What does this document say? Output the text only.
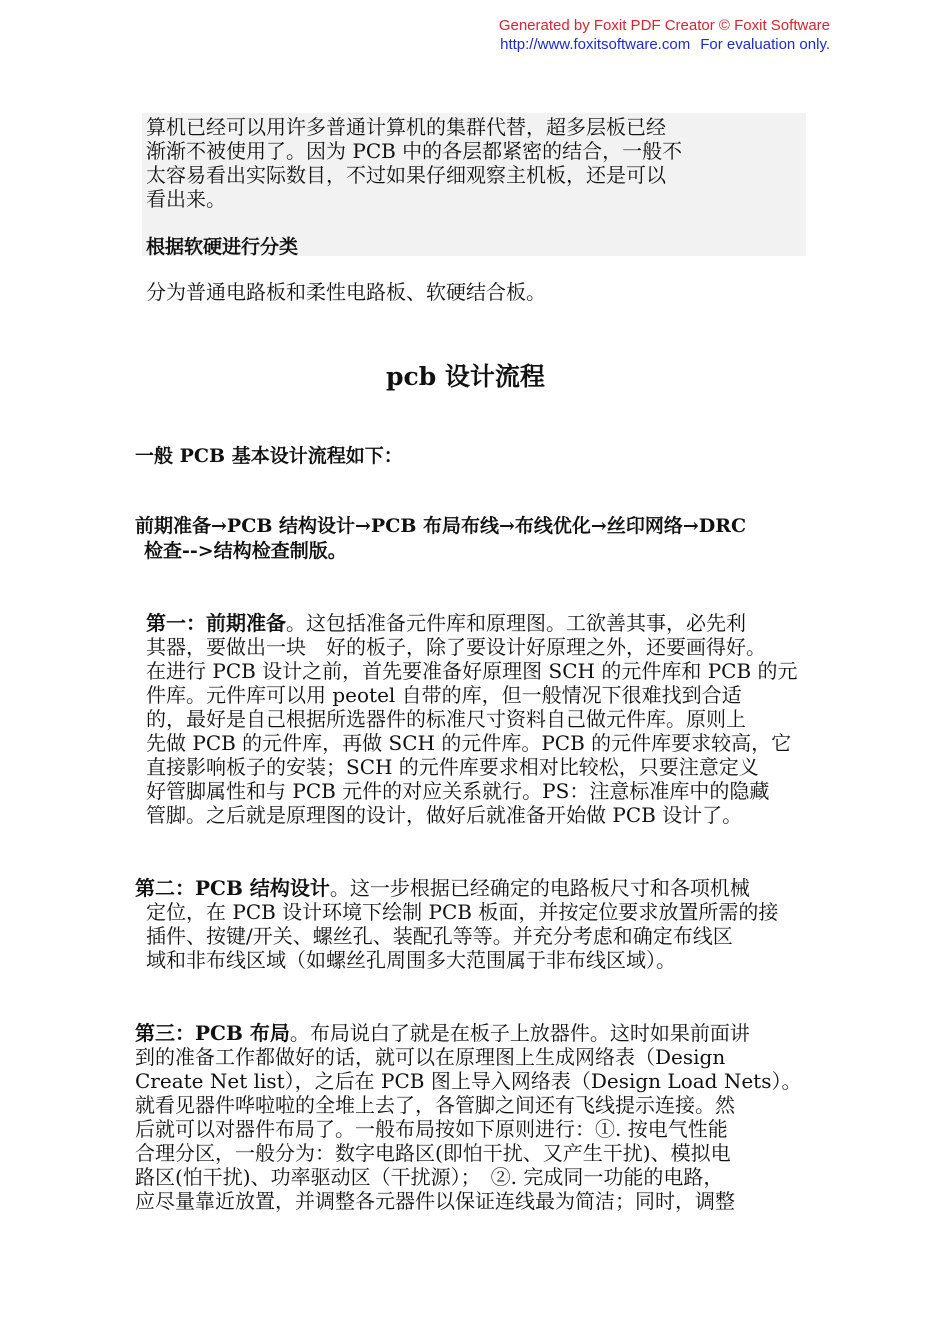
Generated by Foxit PDF Creator © Foxit Software
http://www.foxitsoftware.com For evaluation only.
算机已经可以用许多普通计算机的集群代替，超多层板已经
渐渐不被使用了。因为 PCB 中的各层都紧密的结合，一般不
太容易看出实际数目，不过如果仔细观察主机板，还是可以
看出来。
根据软硬进行分类
分为普通电路板和柔性电路板、软硬结合板。
pcb 设计流程
一般 PCB 基本设计流程如下：
前期准备→PCB 结构设计→PCB 布局布线→布线优化→丝印网络→DRC
检查-->结构检查制版。
第一：前期准备。这包括准备元件库和原理图。工欲善其事，必先利
其器，要做出一块　好的板子，除了要设计好原理之外，还要画得好。
在进行 PCB 设计之前，首先要准备好原理图 SCH 的元件库和 PCB 的元
件库。元件库可以用 peotel 自带的库，但一般情况下很难找到合适
的，最好是自己根据所选器件的标准尺寸资料自己做元件库。原则上
先做 PCB 的元件库，再做 SCH 的元件库。PCB 的元件库要求较高，它
直接影响板子的安装；SCH 的元件库要求相对比较松，只要注意定义
好管脚属性和与 PCB 元件的对应关系就行。PS：注意标准库中的隐藏
管脚。之后就是原理图的设计，做好后就准备开始做 PCB 设计了。
第二：PCB 结构设计。这一步根据已经确定的电路板尺寸和各项机械
定位，在 PCB 设计环境下绘制 PCB 板面，并按定位要求放置所需的接
插件、按键/开关、螺丝孔、装配孔等等。并充分考虑和确定布线区
域和非布线区域（如螺丝孔周围多大范围属于非布线区域）。
第三：PCB 布局。布局说白了就是在板子上放器件。这时如果前面讲
到的准备工作都做好的话，就可以在原理图上生成网络表（Design
Create Net list），之后在 PCB 图上导入网络表（Design Load Nets）。
就看见器件哗啦啦的全堆上去了，各管脚之间还有飞线提示连接。然
后就可以对器件布局了。一般布局按如下原则进行：①. 按电气性能
合理分区，一般分为：数字电路区(即怕干扰、又产生干扰)、模拟电
路区(怕干扰)、功率驱动区（干扰源）；　②. 完成同一功能的电路，
应尽量靠近放置，并调整各元器件以保证连线最为简洁；同时，调整
